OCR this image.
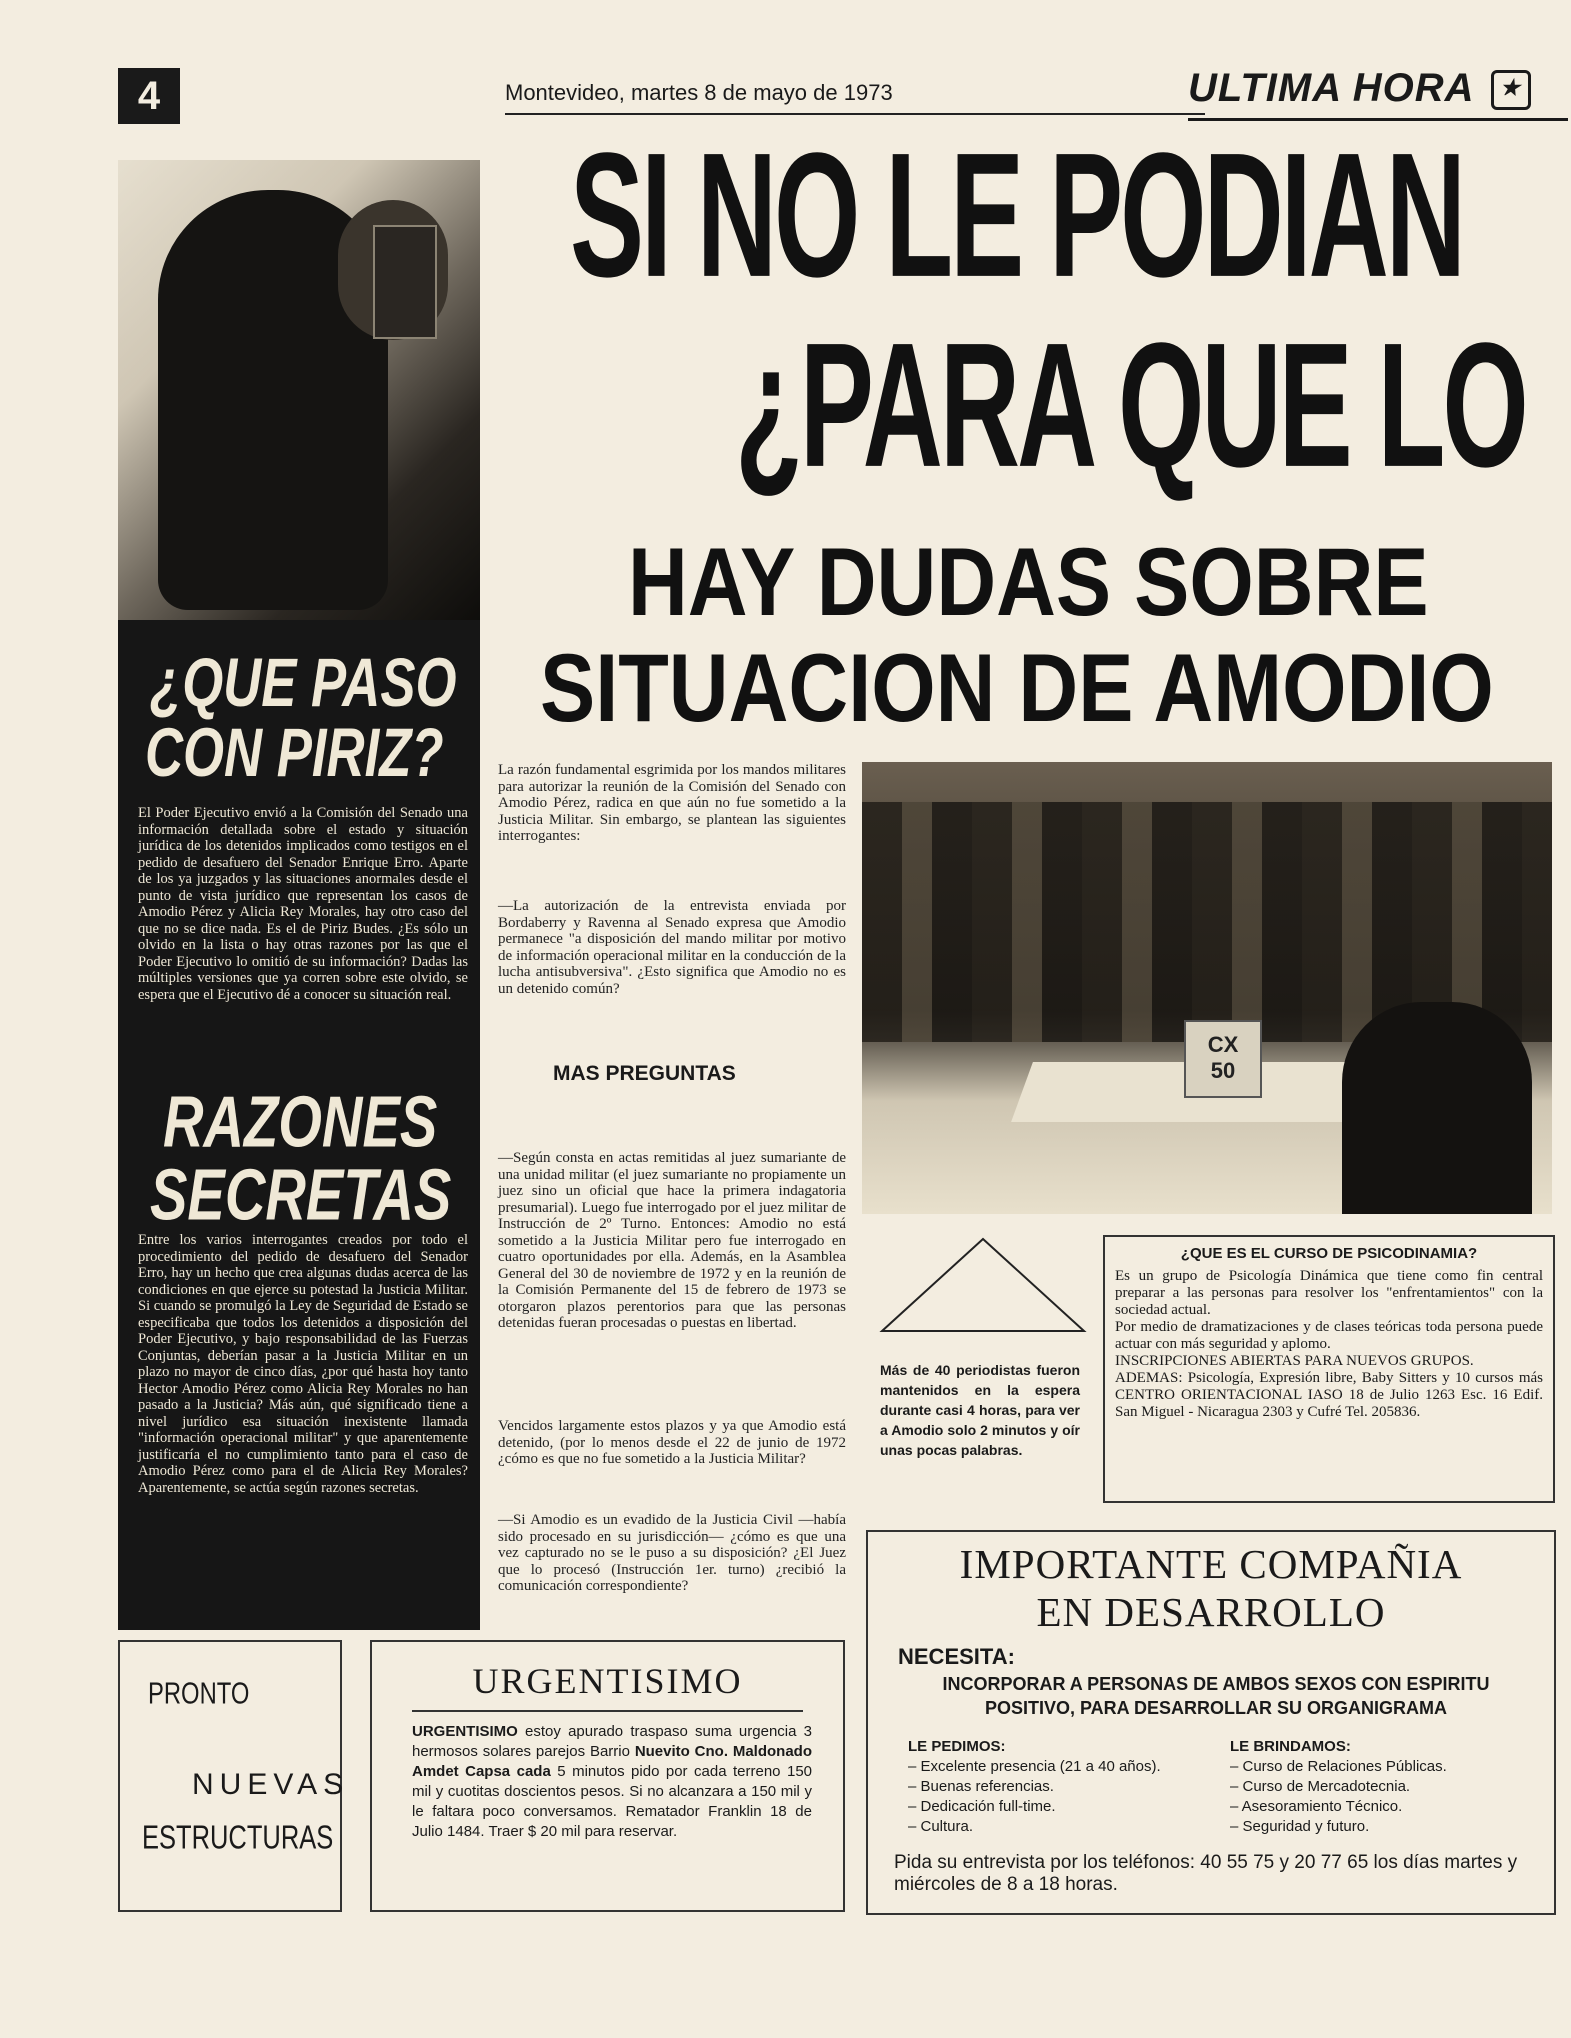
4	Montevideo, martes 8 de mayo de 1973	ULTIMA HORA ★
SI NO LE PODIAN
¿PARA QUE LO
HAY DUDAS SOBRE
SITUACION DE AMODIO
¿QUE PASO
CON PIRIZ?
El Poder Ejecutivo envió a la Comisión del Senado una información detallada sobre el estado y situación jurídica de los detenidos implicados como testigos en el pedido de desafuero del Senador Enrique Erro. Aparte de los ya juzgados y las situaciones anormales desde el punto de vista jurídico que representan los casos de Amodio Pérez y Alicia Rey Morales, hay otro caso del que no se dice nada. Es el de Piriz Budes. ¿Es sólo un olvido en la lista o hay otras razones por las que el Poder Ejecutivo lo omitió de su información? Dadas las múltiples versiones que ya corren sobre este olvido, se espera que el Ejecutivo dé a conocer su situación real.
RAZONES
SECRETAS
Entre los varios interrogantes creados por todo el procedimiento del pedido de desafuero del Senador Erro, hay un hecho que crea algunas dudas acerca de las condiciones en que ejerce su potestad la Justicia Militar. Si cuando se promulgó la Ley de Seguridad de Estado se especificaba que todos los detenidos a disposición del Poder Ejecutivo, y bajo responsabilidad de las Fuerzas Conjuntas, deberían pasar a la Justicia Militar en un plazo no mayor de cinco días, ¿por qué hasta hoy tanto Hector Amodio Pérez como Alicia Rey Morales no han pasado a la Justicia? Más aún, qué significado tiene a nivel jurídico esa situación inexistente llamada "información operacional militar" y que aparentemente justificaría el no cumplimiento tanto para el caso de Amodio Pérez como para el de Alicia Rey Morales? Aparentemente, se actúa según razones secretas.
La razón fundamental esgrimida por los mandos militares para autorizar la reunión de la Comisión del Senado con Amodio Pérez, radica en que aún no fue sometido a la Justicia Militar. Sin embargo, se plantean las siguientes interrogantes:
—La autorización de la entrevista enviada por Bordaberry y Ravenna al Senado expresa que Amodio permanece "a disposición del mando militar por motivo de información operacional militar en la conducción de la lucha antisubversiva". ¿Esto significa que Amodio no es un detenido común?
MAS PREGUNTAS
—Según consta en actas remitidas al juez sumariante de una unidad militar (el juez sumariante no propiamente un juez sino un oficial que hace la primera indagatoria presumarial). Luego fue interrogado por el juez militar de Instrucción de 2º Turno. Entonces: Amodio no está sometido a la Justicia Militar pero fue interrogado en cuatro oportunidades por ella. Además, en la Asamblea General del 30 de noviembre de 1972 y en la reunión de la Comisión Permanente del 15 de febrero de 1973 se otorgaron plazos perentorios para que las personas detenidas fueran procesadas o puestas en libertad.
Vencidos largamente estos plazos y ya que Amodio está detenido, (por lo menos desde el 22 de junio de 1972 ¿cómo es que no fue sometido a la Justicia Militar?
—Si Amodio es un evadido de la Justicia Civil —había sido procesado en su jurisdicción— ¿cómo es que una vez capturado no se le puso a su disposición? ¿El Juez que lo procesó (Instrucción 1er. turno) ¿recibió la comunicación correspondiente?
CX
50
Más de 40 periodistas fueron mantenidos en la espera durante casi 4 horas, para ver a Amodio solo 2 minutos y oír unas pocas palabras.
¿QUE ES EL CURSO DE PSICODINAMIA?

Es un grupo de Psicología Dinámica que tiene como fin central preparar a las personas para resolver los "enfrentamientos" con la sociedad actual.

Por medio de dramatizaciones y de clases teóricas toda persona puede actuar con más seguridad y aplomo.

INSCRIPCIONES ABIERTAS PARA NUEVOS GRUPOS.

ADEMAS: Psicología, Expresión libre, Baby Sitters y 10 cursos más CENTRO ORIENTACIONAL IASO 18 de Julio 1263 Esc. 16 Edif. San Miguel - Nicaragua 2303 y Cufré Tel. 205836.

IMPORTANTE COMPAÑIA
EN DESARROLLO
NECESITA:
INCORPORAR A PERSONAS DE AMBOS SEXOS CON ESPIRITU POSITIVO, PARA DESARROLLAR SU ORGANIGRAMA
LE PEDIMOS:
– Excelente presencia (21 a 40 años).
– Buenas referencias.
– Dedicación full-time.
– Cultura.
LE BRINDAMOS:
– Curso de Relaciones Públicas.
– Curso de Mercadotecnia.
– Asesoramiento Técnico.
– Seguridad y futuro.
Pida su entrevista por los teléfonos: 40 55 75 y 20 77 65 los días martes y miércoles de 8 a 18 horas.
PRONTO
NUEVAS
ESTRUCTURAS
URGENTISIMO
URGENTISIMO estoy apurado traspaso suma urgencia 3 hermosos solares parejos Barrio Nuevito Cno. Maldonado Amdet Capsa cada 5 minutos pido por cada terreno 150 mil y cuotitas doscientos pesos. Si no alcanzara a 150 mil y le faltara poco conversamos. Rematador Franklin 18 de Julio 1484. Traer $ 20 mil para reservar.
